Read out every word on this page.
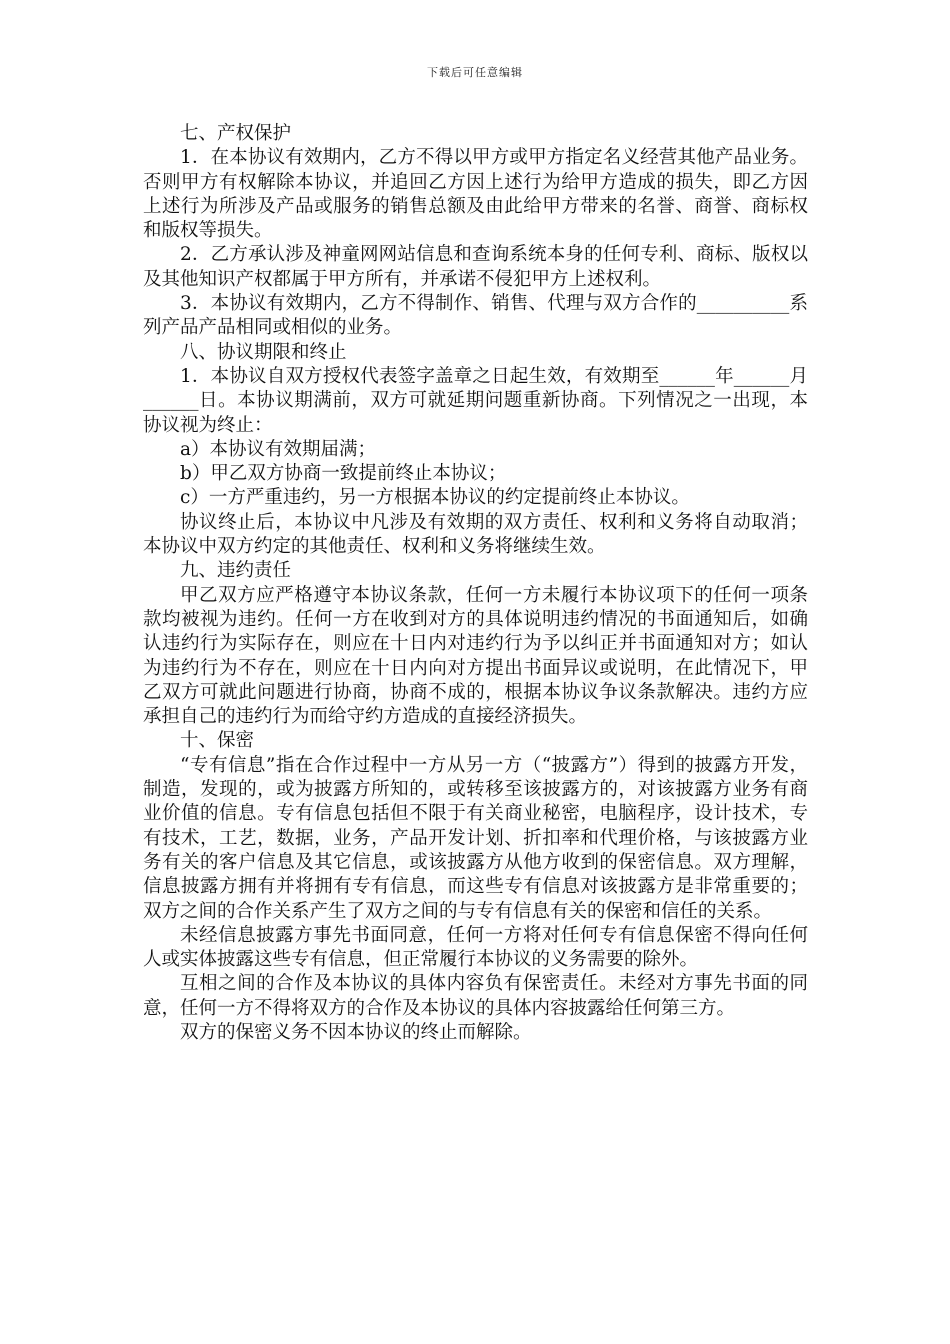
下载后可任意编辑

七、产权保护

1．在本协议有效期内，乙方不得以甲方或甲方指定名义经营其他产品业务。否则甲方有权解除本协议，并追回乙方因上述行为给甲方造成的损失，即乙方因上述行为所涉及产品或服务的销售总额及由此给甲方带来的名誉、商誉、商标权和版权等损失。

2．乙方承认涉及神童网网站信息和查询系统本身的任何专利、商标、版权以及其他知识产权都属于甲方所有，并承诺不侵犯甲方上述权利。

3．本协议有效期内，乙方不得制作、销售、代理与双方合作的__________系列产品产品相同或相似的业务。

八、协议期限和终止

1．本协议自双方授权代表签字盖章之日起生效，有效期至______年______月______日。本协议期满前，双方可就延期问题重新协商。下列情况之一出现，本协议视为终止：

a）本协议有效期届满；

b）甲乙双方协商一致提前终止本协议；

c）一方严重违约，另一方根据本协议的约定提前终止本协议。

协议终止后，本协议中凡涉及有效期的双方责任、权利和义务将自动取消；本协议中双方约定的其他责任、权利和义务将继续生效。

九、违约责任

甲乙双方应严格遵守本协议条款，任何一方未履行本协议项下的任何一项条款均被视为违约。任何一方在收到对方的具体说明违约情况的书面通知后，如确认违约行为实际存在，则应在十日内对违约行为予以纠正并书面通知对方；如认为违约行为不存在，则应在十日内向对方提出书面异议或说明，在此情况下，甲乙双方可就此问题进行协商，协商不成的，根据本协议争议条款解决。违约方应承担自己的违约行为而给守约方造成的直接经济损失。

十、保密

“专有信息”指在合作过程中一方从另一方（“披露方”）得到的披露方开发，制造，发现的，或为披露方所知的，或转移至该披露方的，对该披露方业务有商业价值的信息。专有信息包括但不限于有关商业秘密，电脑程序，设计技术，专有技术，工艺，数据，业务，产品开发计划、折扣率和代理价格，与该披露方业务有关的客户信息及其它信息，或该披露方从他方收到的保密信息。双方理解，信息披露方拥有并将拥有专有信息，而这些专有信息对该披露方是非常重要的；双方之间的合作关系产生了双方之间的与专有信息有关的保密和信任的关系。

未经信息披露方事先书面同意，任何一方将对任何专有信息保密不得向任何人或实体披露这些专有信息，但正常履行本协议的义务需要的除外。

互相之间的合作及本协议的具体内容负有保密责任。未经对方事先书面的同意，任何一方不得将双方的合作及本协议的具体内容披露给任何第三方。

双方的保密义务不因本协议的终止而解除。
